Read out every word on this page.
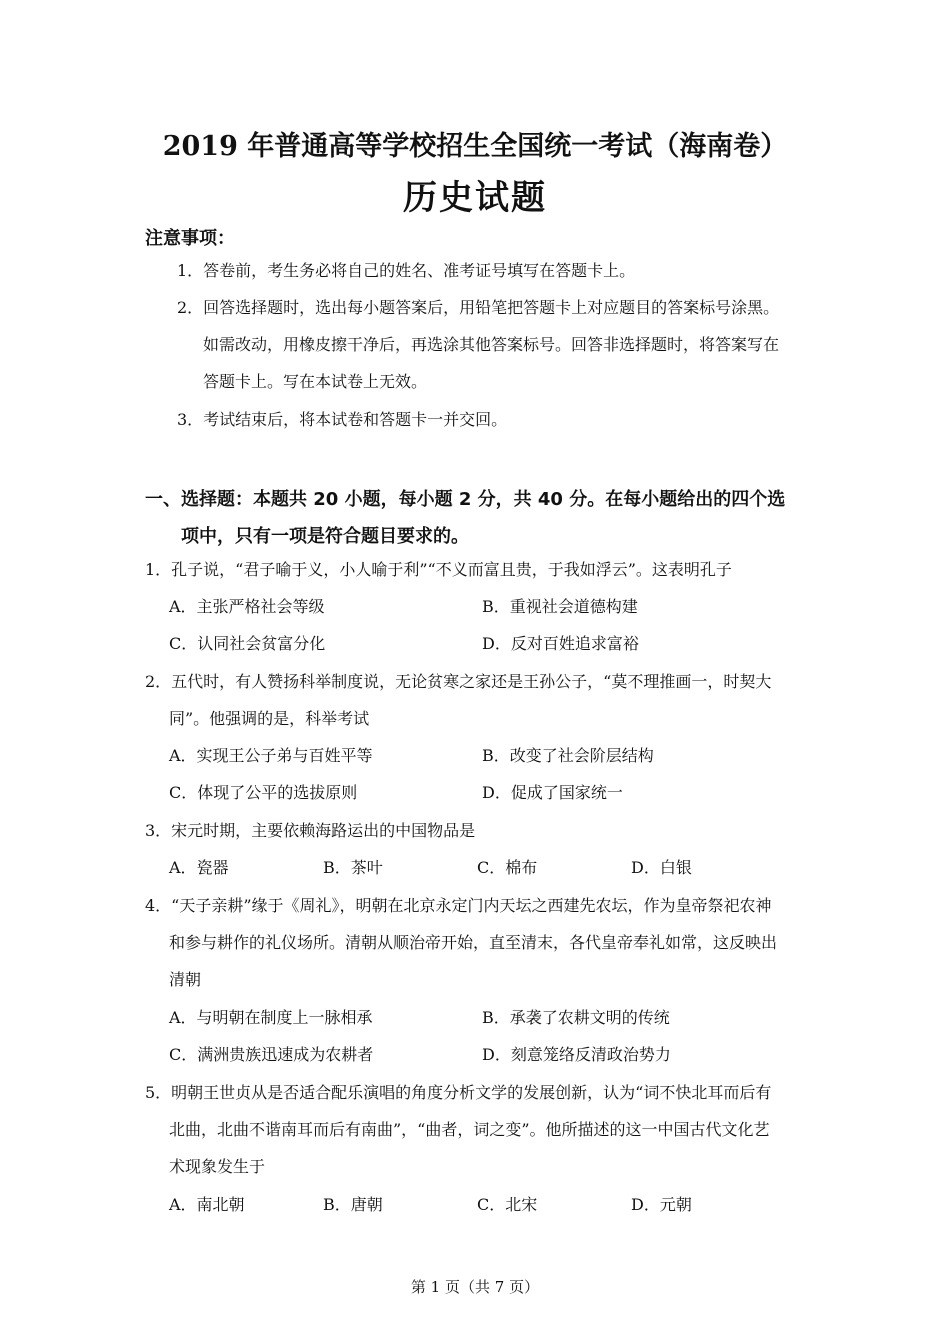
2019 年普通高等学校招生全国统一考试（海南卷）
历史试题
注意事项：
1．答卷前，考生务必将自己的姓名、准考证号填写在答题卡上。
2．回答选择题时，选出每小题答案后，用铅笔把答题卡上对应题目的答案标号涂黑。
如需改动，用橡皮擦干净后，再选涂其他答案标号。回答非选择题时，将答案写在
答题卡上。写在本试卷上无效。
3．考试结束后，将本试卷和答题卡一并交回。
一、选择题：本题共 20 小题，每小题 2 分，共 40 分。在每小题给出的四个选
项中，只有一项是符合题目要求的。
1．孔子说，“君子喻于义，小人喻于利”“不义而富且贵，于我如浮云”。这表明孔子
A．主张严格社会等级	B．重视社会道德构建
C．认同社会贫富分化	D．反对百姓追求富裕
2．五代时，有人赞扬科举制度说，无论贫寒之家还是王孙公子，“莫不理推画一，时契大
同”。他强调的是，科举考试
A．实现王公子弟与百姓平等	B．改变了社会阶层结构
C．体现了公平的选拔原则	D．促成了国家统一
3．宋元时期，主要依赖海路运出的中国物品是
A．瓷器	B．茶叶	C．棉布	D．白银
4．“天子亲耕”缘于《周礼》，明朝在北京永定门内天坛之西建先农坛，作为皇帝祭祀农神
和参与耕作的礼仪场所。清朝从顺治帝开始，直至清末，各代皇帝奉礼如常，这反映出
清朝
A．与明朝在制度上一脉相承	B．承袭了农耕文明的传统
C．满洲贵族迅速成为农耕者	D．刻意笼络反清政治势力
5．明朝王世贞从是否适合配乐演唱的角度分析文学的发展创新，认为“词不快北耳而后有
北曲，北曲不谐南耳而后有南曲”，“曲者，词之变”。他所描述的这一中国古代文化艺
术现象发生于
A．南北朝	B．唐朝	C．北宋	D．元朝
第 1 页（共 7 页）
